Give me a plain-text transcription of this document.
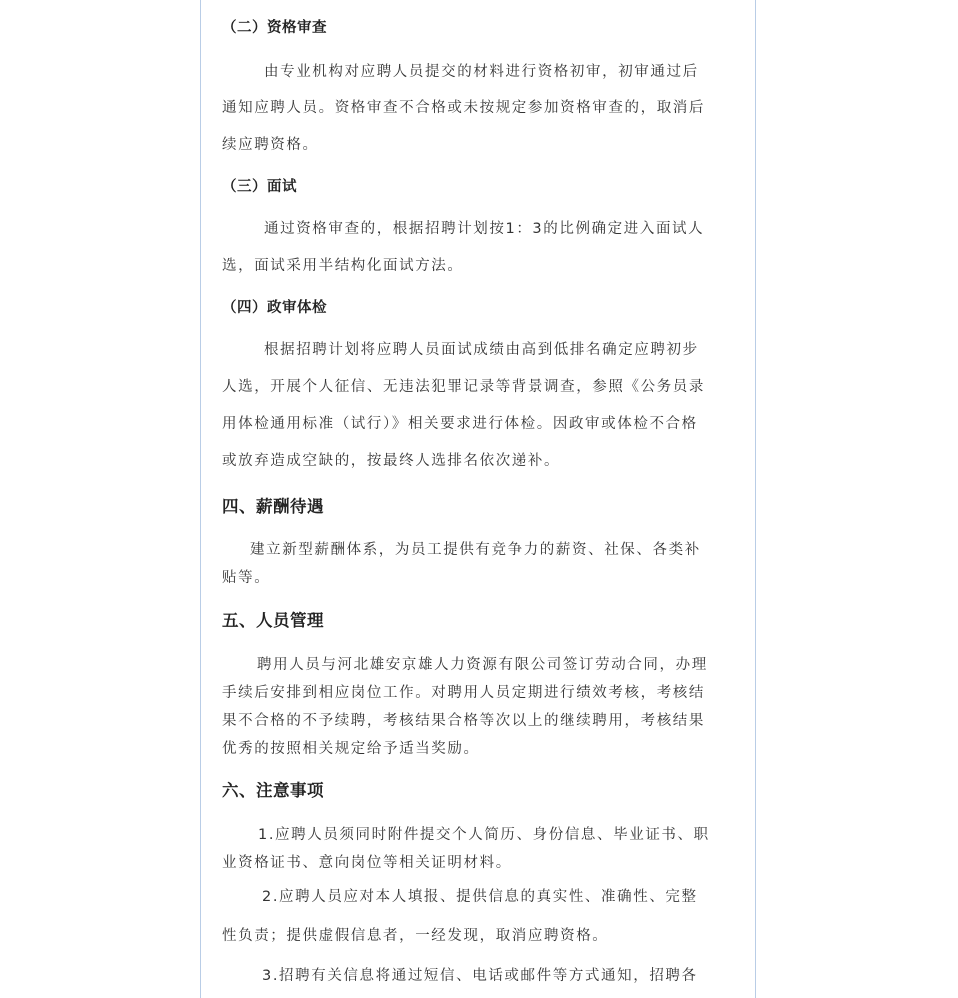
（二）资格审查
由专业机构对应聘人员提交的材料进行资格初审，初审通过后
通知应聘人员。资格审查不合格或未按规定参加资格审查的，取消后
续应聘资格。
（三）面试
通过资格审查的，根据招聘计划按1：3的比例确定进入面试人
选，面试采用半结构化面试方法。
（四）政审体检
根据招聘计划将应聘人员面试成绩由高到低排名确定应聘初步
人选，开展个人征信、无违法犯罪记录等背景调查，参照《公务员录
用体检通用标准（试行）》相关要求进行体检。因政审或体检不合格
或放弃造成空缺的，按最终人选排名依次递补。
四、薪酬待遇
建立新型薪酬体系，为员工提供有竞争力的薪资、社保、各类补
贴等。
五、人员管理
聘用人员与河北雄安京雄人力资源有限公司签订劳动合同，办理
手续后安排到相应岗位工作。对聘用人员定期进行绩效考核，考核结
果不合格的不予续聘，考核结果合格等次以上的继续聘用，考核结果
优秀的按照相关规定给予适当奖励。
六、注意事项
1.应聘人员须同时附件提交个人简历、身份信息、毕业证书、职
业资格证书、意向岗位等相关证明材料。
2.应聘人员应对本人填报、提供信息的真实性、准确性、完整
性负责；提供虚假信息者，一经发现，取消应聘资格。
3.招聘有关信息将通过短信、电话或邮件等方式通知，招聘各
